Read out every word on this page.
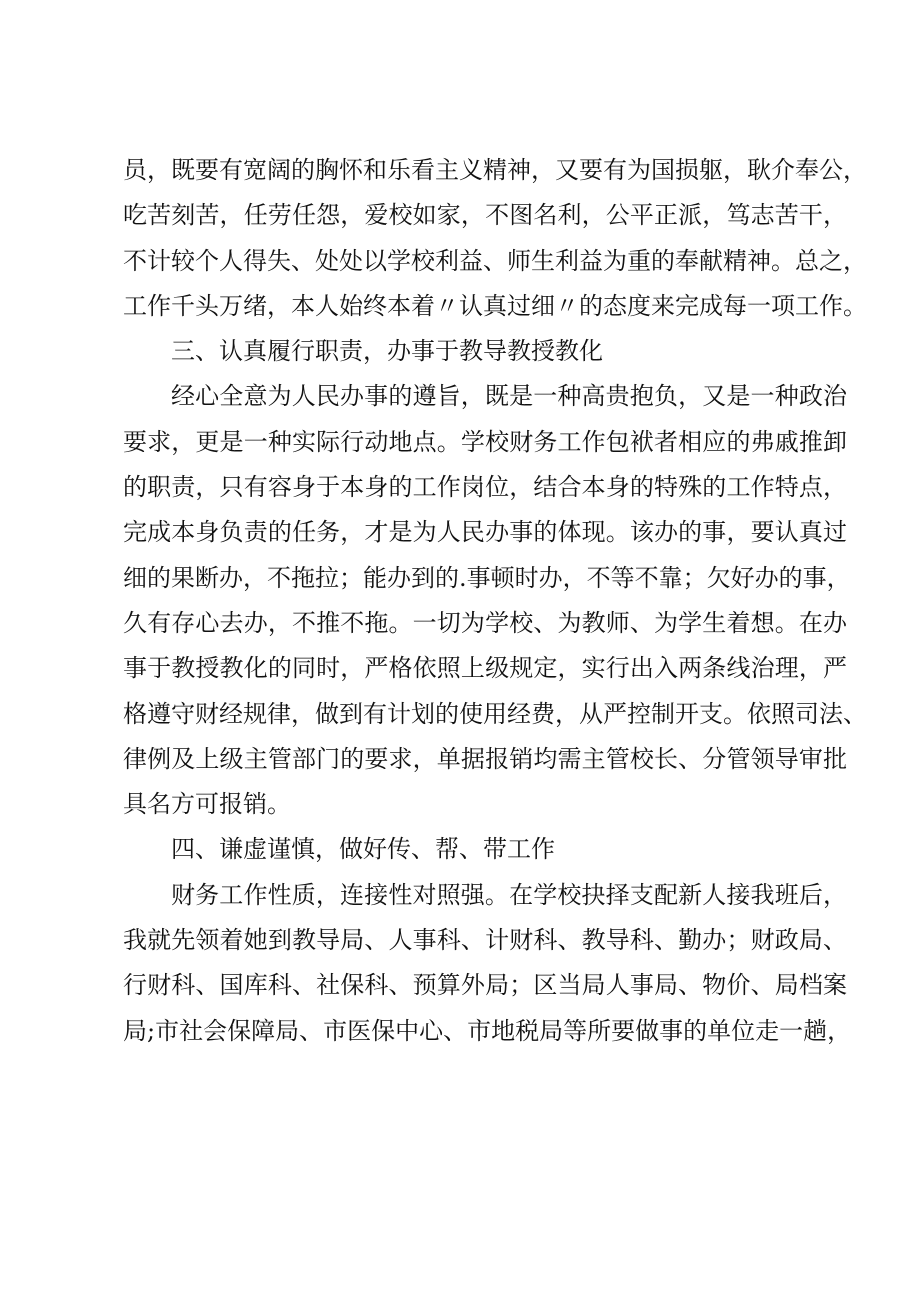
员，既要有宽阔的胸怀和乐看主义精神，又要有为国损躯，耿介奉公，
吃苦刻苦，任劳任怨，爱校如家，不图名利，公平正派，笃志苦干，
不计较个人得失、处处以学校利益、师生利益为重的奉献精神。总之，
工作千头万绪，本人始终本着〃认真过细〃的态度来完成每一项工作。
三、认真履行职责，办事于教导教授教化
经心全意为人民办事的遵旨，既是一种高贵抱负，又是一种政治
要求，更是一种实际行动地点。学校财务工作包袱者相应的弗戚推卸
的职责，只有容身于本身的工作岗位，结合本身的特殊的工作特点，
完成本身负责的任务，才是为人民办事的体现。该办的事，要认真过
细的果断办，不拖拉；能办到的.事顿时办，不等不靠；欠好办的事，
久有存心去办，不推不拖。一切为学校、为教师、为学生着想。在办
事于教授教化的同时，严格依照上级规定，实行出入两条线治理，严
格遵守财经规律，做到有计划的使用经费，从严控制开支。依照司法、
律例及上级主管部门的要求，单据报销均需主管校长、分管领导审批
具名方可报销。
四、谦虚谨慎，做好传、帮、带工作
财务工作性质，连接性对照强。在学校抉择支配新人接我班后，
我就先领着她到教导局、人事科、计财科、教导科、勤办；财政局、
行财科、国库科、社保科、预算外局；区当局人事局、物价、局档案
局;市社会保障局、市医保中心、市地税局等所要做事的单位走一趟，
